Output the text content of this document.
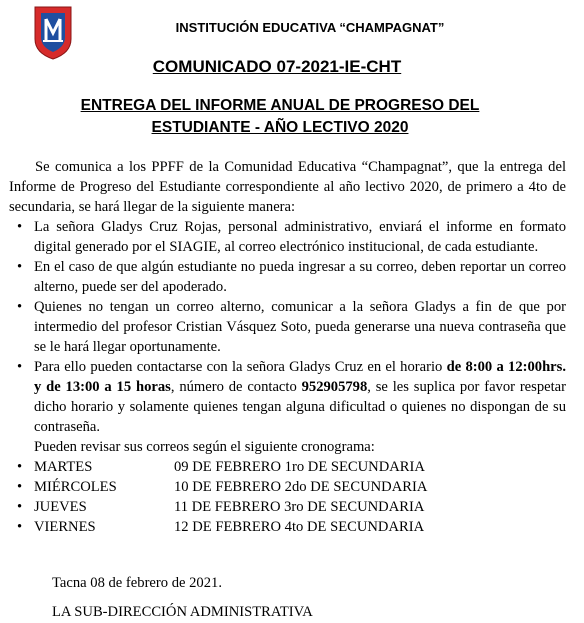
INSTITUCIÓN EDUCATIVA “CHAMPAGNAT”
COMUNICADO 07-2021-IE-CHT
ENTREGA DEL INFORME ANUAL DE PROGRESO DEL
ESTUDIANTE - AÑO LECTIVO 2020

Se comunica a los PPFF de la Comunidad Educativa “Champagnat”, que la entrega del Informe de Progreso del Estudiante correspondiente al año lectivo 2020, de primero a 4to de secundaria, se hará llegar de la siguiente manera:

• La señora Gladys Cruz Rojas, personal administrativo, enviará el informe en formato digital generado por el SIAGIE, al correo electrónico institucional, de cada estudiante.
• En el caso de que algún estudiante no pueda ingresar a su correo, deben reportar un correo alterno, puede ser del apoderado.
• Quienes no tengan un correo alterno, comunicar a la señora Gladys a fin de que por intermedio del profesor Cristian Vásquez Soto, pueda generarse una nueva contraseña que se le hará llegar oportunamente.
• Para ello pueden contactarse con la señora Gladys Cruz en el horario de 8:00 a 12:00hrs. y de 13:00 a 15 horas, número de contacto 952905798, se les suplica por favor respetar dicho horario y solamente quienes tengan alguna dificultad o quienes no dispongan de su contraseña.

Pueden revisar sus correos según el siguiente cronograma:

• MARTES	09 DE FEBRERO 1ro DE SECUNDARIA
• MIÉRCOLES	10 DE FEBRERO 2do DE SECUNDARIA
• JUEVES	11 DE FEBRERO 3ro DE SECUNDARIA
• VIERNES	12 DE FEBRERO 4to DE SECUNDARIA
Tacna 08 de febrero de 2021.
LA SUB-DIRECCIÓN ADMINISTRATIVA
